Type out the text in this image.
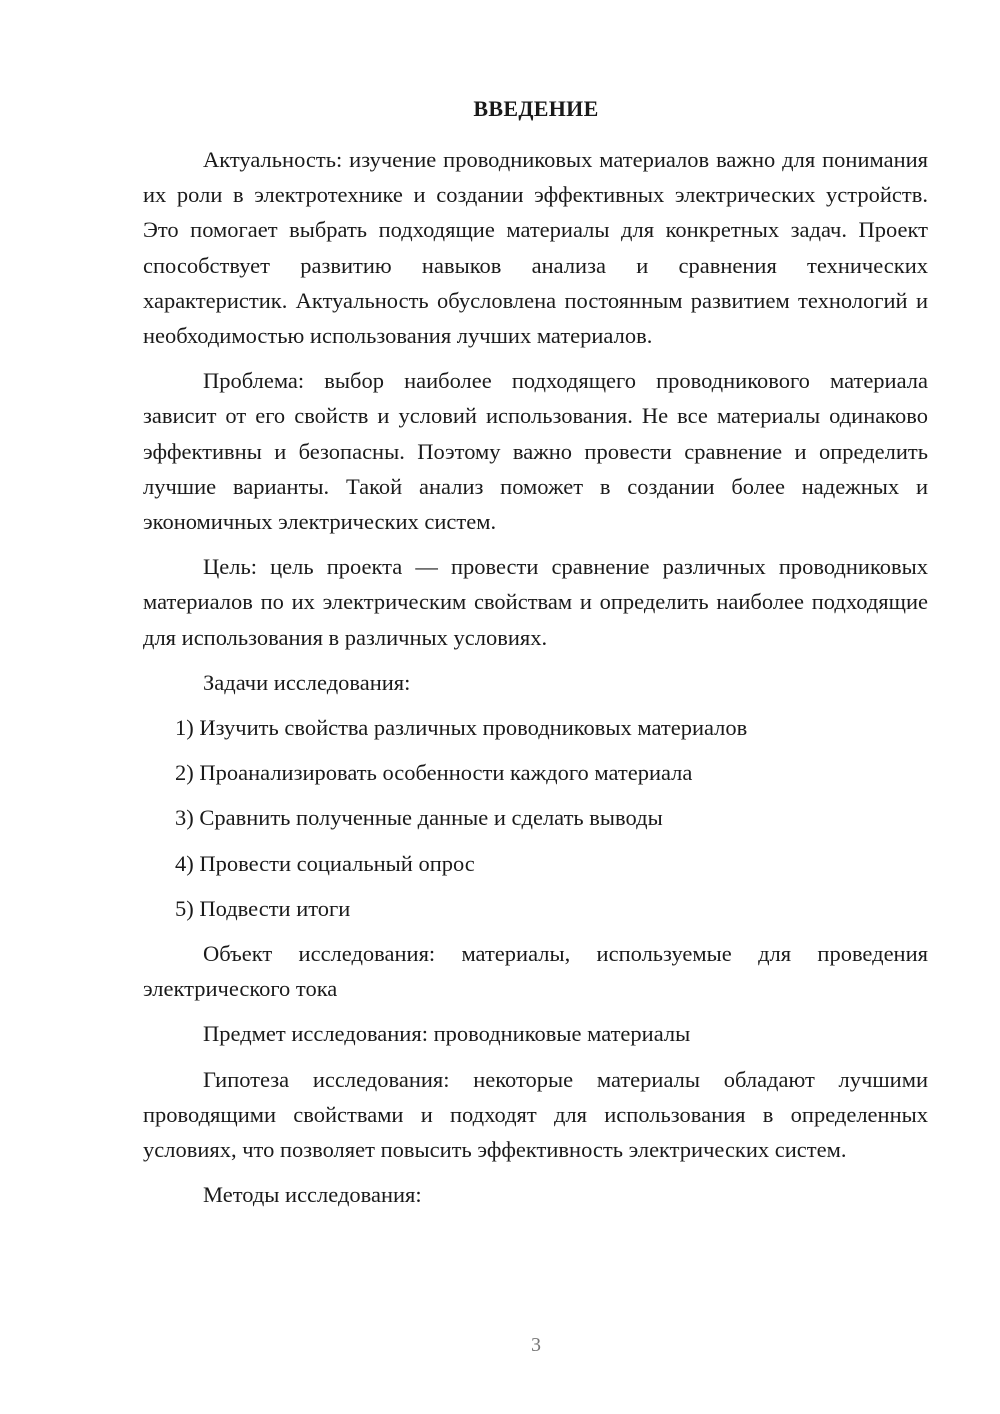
ВВЕДЕНИЕ

Актуальность: изучение проводниковых материалов важно для понимания их роли в электротехнике и создании эффективных электрических устройств. Это помогает выбрать подходящие материалы для конкретных задач. Проект способствует развитию навыков анализа и сравнения технических характеристик. Актуальность обусловлена постоянным развитием технологий и необходимостью использования лучших материалов.

Проблема: выбор наиболее подходящего проводникового материала зависит от его свойств и условий использования. Не все материалы одинаково эффективны и безопасны. Поэтому важно провести сравнение и определить лучшие варианты. Такой анализ поможет в создании более надежных и экономичных электрических систем.

Цель: цель проекта — провести сравнение различных проводниковых материалов по их электрическим свойствам и определить наиболее подходящие для использования в различных условиях.

Задачи исследования:

1) Изучить свойства различных проводниковых материалов
2) Проанализировать особенности каждого материала
3) Сравнить полученные данные и сделать выводы
4) Провести социальный опрос
5) Подвести итоги

Объект исследования: материалы, используемые для проведения электрического тока

Предмет исследования: проводниковые материалы

Гипотеза исследования: некоторые материалы обладают лучшими проводящими свойствами и подходят для использования в определенных условиях, что позволяет повысить эффективность электрических систем.

Методы исследования:

3
